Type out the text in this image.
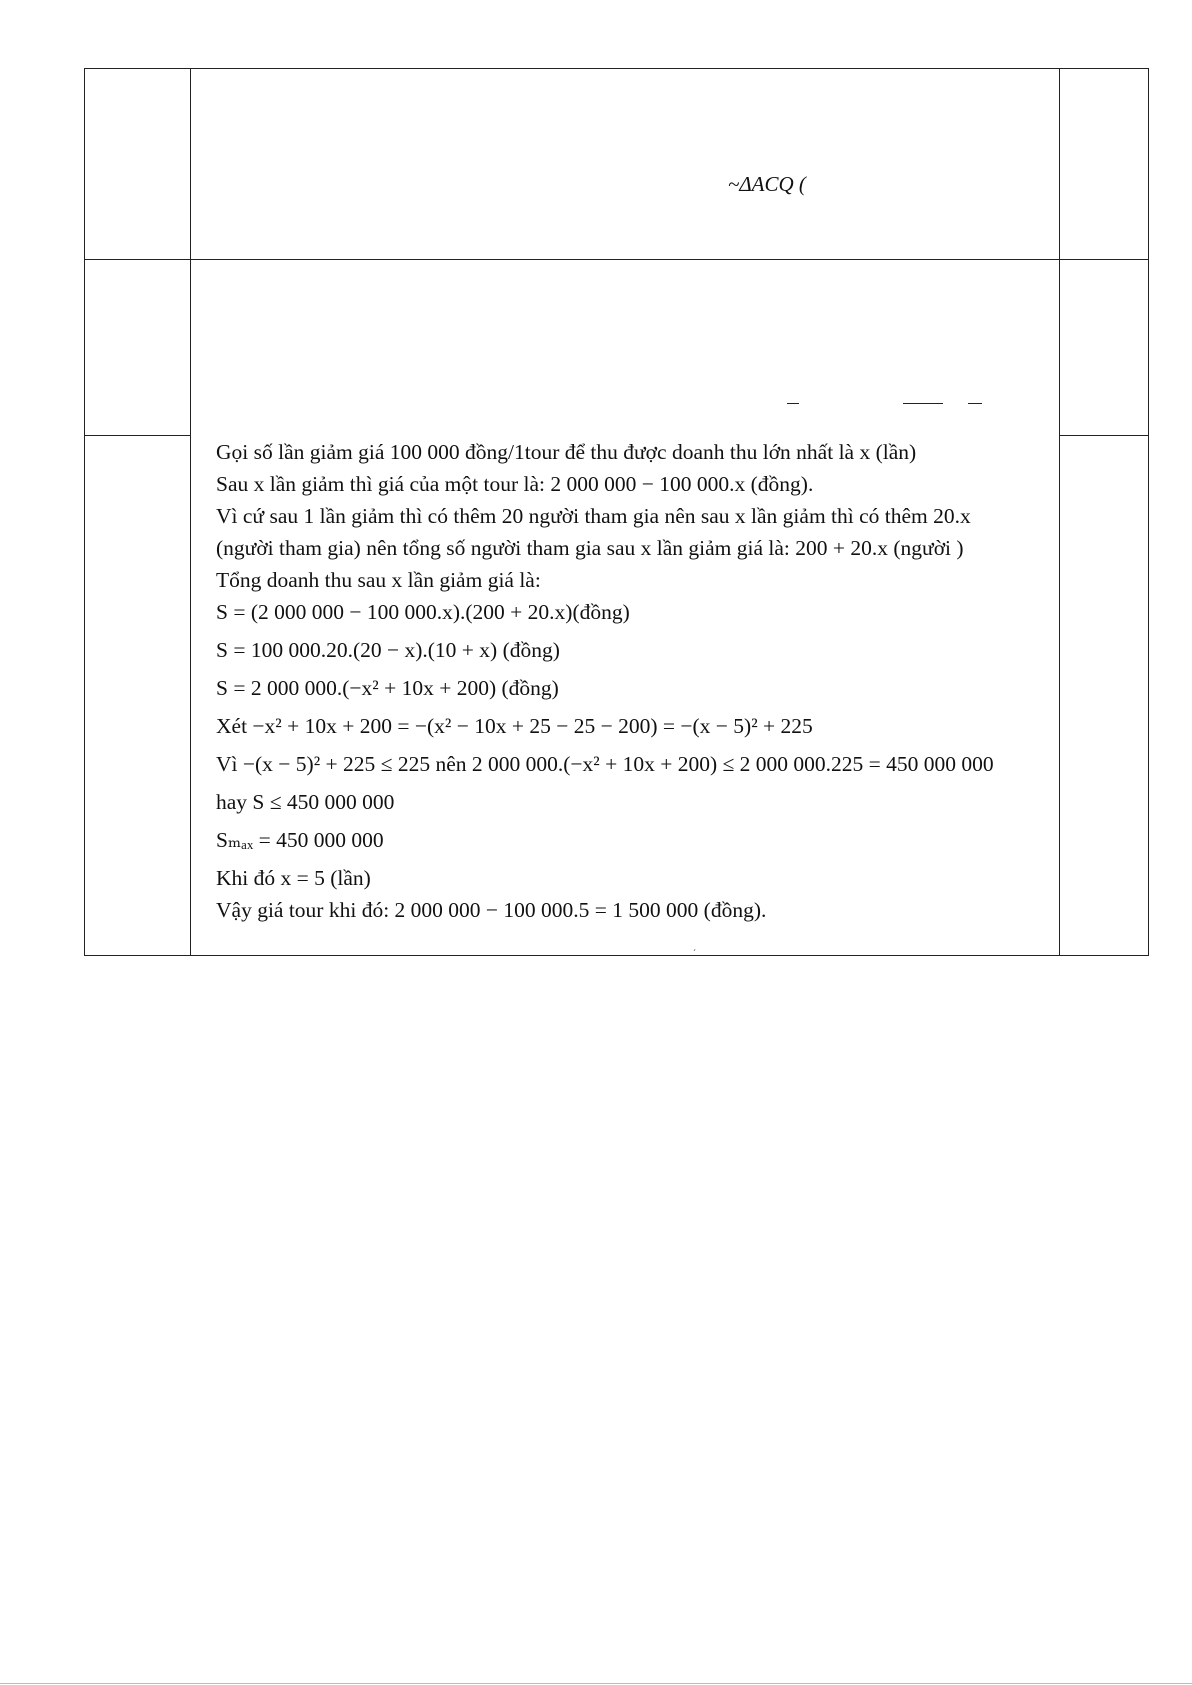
~ΔACQ (
Gọi số lần giảm giá 100 000 đồng/1tour để thu được doanh thu lớn nhất là x (lần)
Sau x lần giảm thì giá của một tour là: 2 000 000 − 100 000.x (đồng).
Vì cứ sau 1 lần giảm thì có thêm 20 người tham gia nên sau x lần giảm thì có thêm 20.x
(người tham gia) nên tổng số người tham gia sau x lần giảm giá là: 200 + 20.x (người )
Tổng doanh thu sau x lần giảm giá là:
S = (2 000 000 − 100 000.x).(200 + 20.x)(đồng)
S = 100 000.20.(20 − x).(10 + x) (đồng)
S = 2 000 000.(−x² + 10x + 200) (đồng)
Xét −x² + 10x + 200 = −(x² − 10x + 25 − 25 − 200) = −(x − 5)² + 225
Vì −(x − 5)² + 225 ≤ 225 nên 2 000 000.(−x² + 10x + 200) ≤ 2 000 000.225 = 450 000 000
hay S ≤ 450 000 000
Sₘₐₓ = 450 000 000
Khi đó x = 5 (lần)
Vậy giá tour khi đó: 2 000 000 − 100 000.5 = 1 500 000 (đồng).
´
